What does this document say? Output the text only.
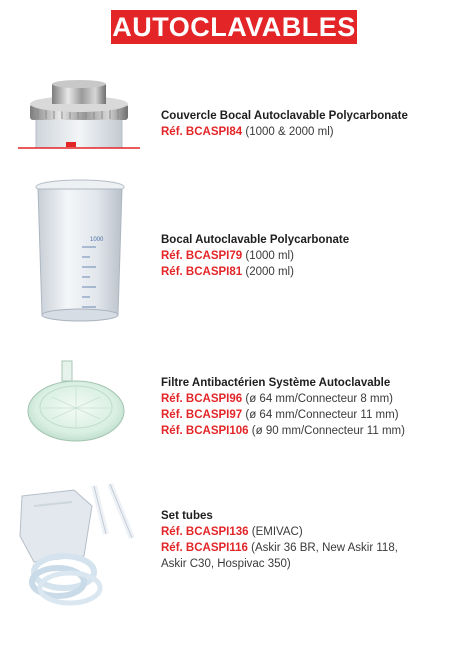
AUTOCLAVABLES
Couvercle Bocal Autoclavable Polycarbonate
Réf. BCASPI84 (1000 & 2000 ml)
1000	Bocal Autoclavable Polycarbonate
Réf. BCASPI79 (1000 ml)
Réf. BCASPI81 (2000 ml)
Filtre Antibactérien Système Autoclavable
Réf. BCASPI96 (ø 64 mm/Connecteur 8 mm)
Réf. BCASPI97 (ø 64 mm/Connecteur 11 mm)
Réf. BCASPI106 (ø 90 mm/Connecteur 11 mm)
Set tubes
Réf. BCASPI136 (EMIVAC)
Réf. BCASPI116 (Askir 36 BR, New Askir 118,
Askir C30, Hospivac 350)
